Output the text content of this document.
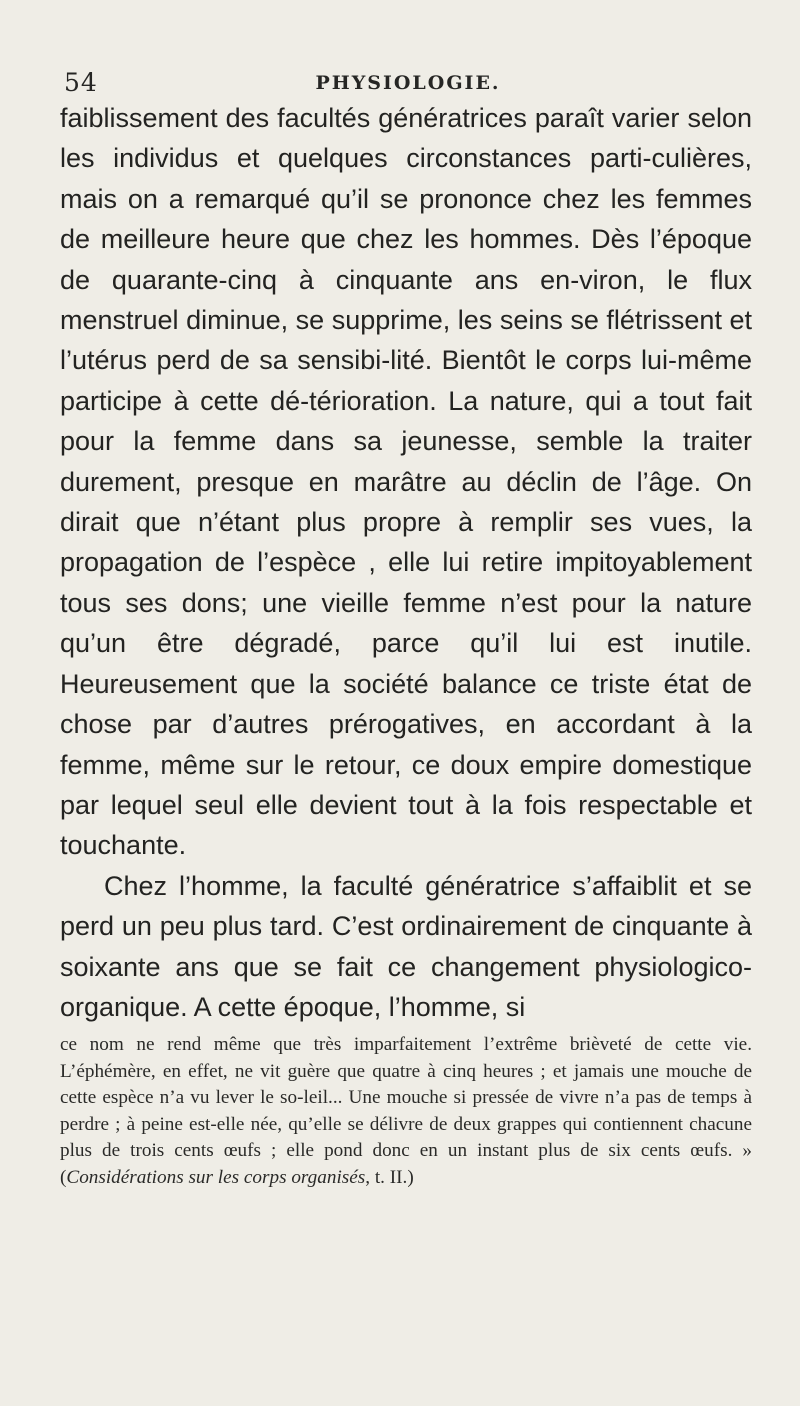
54	PHYSIOLOGIE.

faiblissement des facultés génératrices paraît varier selon les individus et quelques circonstances parti-culières, mais on a remarqué qu’il se prononce chez les femmes de meilleure heure que chez les hommes. Dès l’époque de quarante-cinq à cinquante ans en-viron, le flux menstruel diminue, se supprime, les seins se flétrissent et l’utérus perd de sa sensibi-lité. Bientôt le corps lui-même participe à cette dé-térioration. La nature, qui a tout fait pour la femme dans sa jeunesse, semble la traiter durement, presque en marâtre au déclin de l’âge. On dirait que n’étant plus propre à remplir ses vues, la propagation de l’espèce , elle lui retire impitoyablement tous ses dons; une vieille femme n’est pour la nature qu’un être dégradé, parce qu’il lui est inutile. Heureusement que la société balance ce triste état de chose par d’autres prérogatives, en accordant à la femme, même sur le retour, ce doux empire domestique par lequel seul elle devient tout à la fois respectable et touchante.

Chez l’homme, la faculté génératrice s’affaiblit et se perd un peu plus tard. C’est ordinairement de cinquante à soixante ans que se fait ce changement physiologico-organique. A cette époque, l’homme, si

ce nom ne rend même que très imparfaitement l’extrême brièveté de cette vie. L’éphémère, en effet, ne vit guère que quatre à cinq heures ; et jamais une mouche de cette espèce n’a vu lever le so-leil... Une mouche si pressée de vivre n’a pas de temps à perdre ; à peine est-elle née, qu’elle se délivre de deux grappes qui contiennent chacune plus de trois cents œufs ; elle pond donc en un instant plus de six cents œufs. » (Considérations sur les corps organisés, t. II.)
